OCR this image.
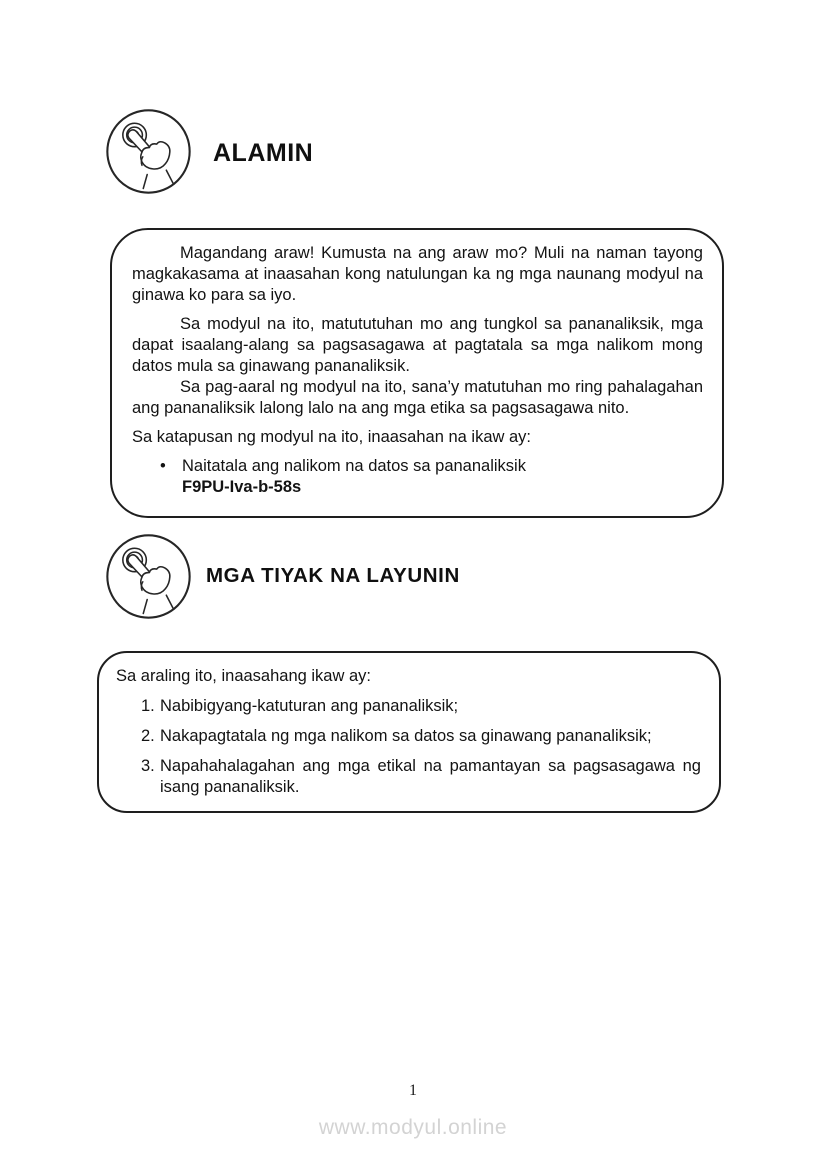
ALAMIN

Magandang araw! Kumusta na ang araw mo? Muli na naman tayong magkakasama at inaasahan kong natulungan ka ng mga naunang modyul na ginawa ko para sa iyo.

Sa modyul na ito, matututuhan mo ang tungkol sa pananaliksik, mga dapat isaalang-alang sa pagsasagawa at pagtatala sa mga nalikom mong datos mula sa ginawang pananaliksik.

Sa pag-aaral ng modyul na ito, sana’y matutuhan mo ring pahalagahan ang pananaliksik lalong lalo na ang mga etika sa pagsasagawa nito.

Sa katapusan ng modyul na ito, inaasahan na ikaw ay:

• Naitatala ang nalikom na datos sa pananaliksik
F9PU-Iva-b-58s
MGA TIYAK NA LAYUNIN
Sa araling ito, inaasahang ikaw ay:
1. Nabibigyang-katuturan ang pananaliksik;
2. Nakapagtatala ng mga nalikom sa datos sa ginawang pananaliksik;
3. Napahahalagahan ang mga etikal na pamantayan sa pagsasagawa ng isang pananaliksik.
1
www.modyul.online
